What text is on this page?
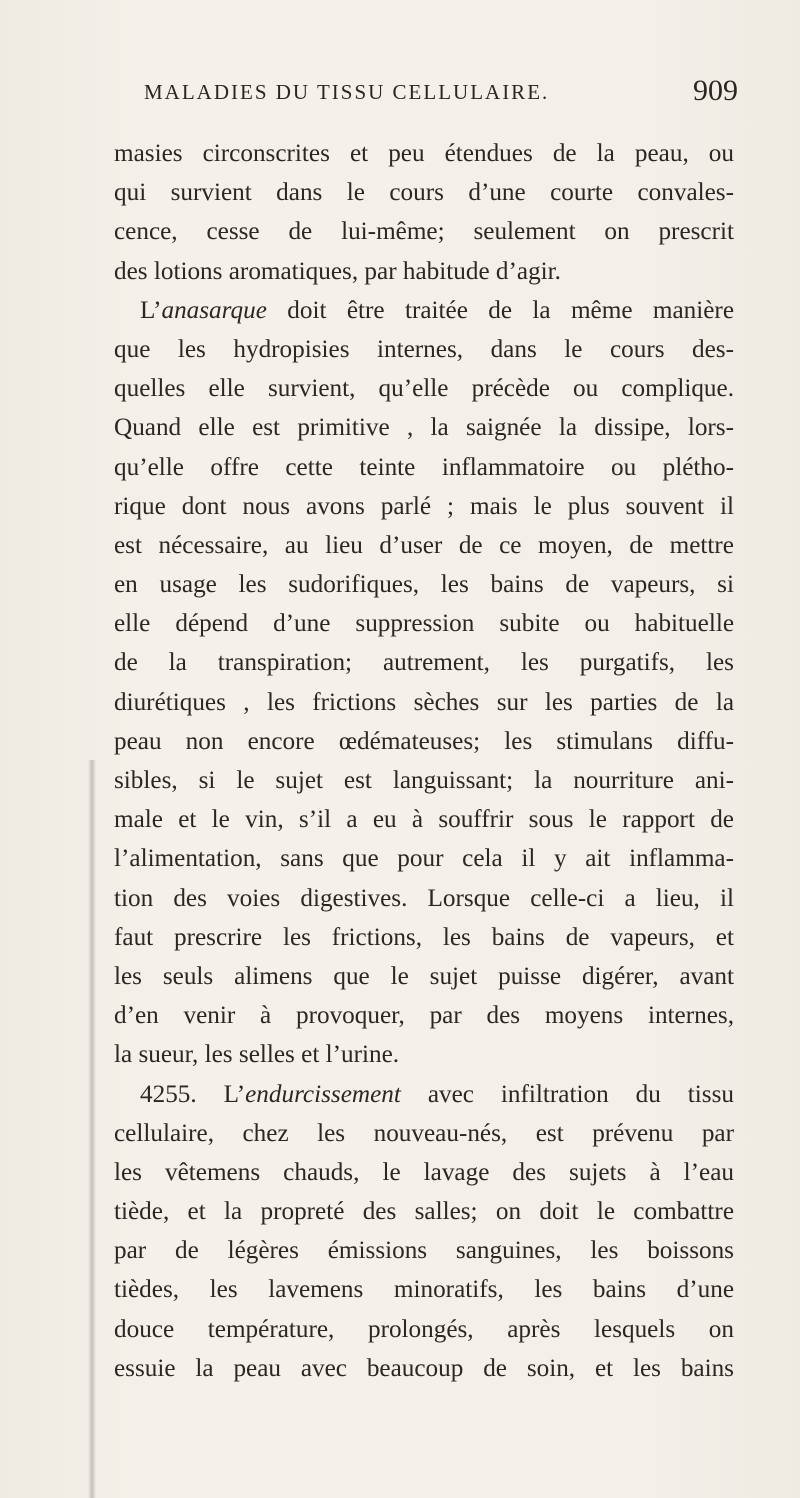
MALADIES DU TISSU CELLULAIRE.	909
masies circonscrites et peu étendues de la peau, ou
qui survient dans le cours d’une courte convales-
cence, cesse de lui-même; seulement on prescrit
des lotions aromatiques, par habitude d’agir.
L’anasarque doit être traitée de la même manière
que les hydropisies internes, dans le cours des-
quelles elle survient, qu’elle précède ou complique.
Quand elle est primitive , la saignée la dissipe, lors-
qu’elle offre cette teinte inflammatoire ou plétho-
rique dont nous avons parlé ; mais le plus souvent il
est nécessaire, au lieu d’user de ce moyen, de mettre
en usage les sudorifiques, les bains de vapeurs, si
elle dépend d’une suppression subite ou habituelle
de la transpiration; autrement, les purgatifs, les
diurétiques , les frictions sèches sur les parties de la
peau non encore œdémateuses; les stimulans diffu-
sibles, si le sujet est languissant; la nourriture ani-
male et le vin, s’il a eu à souffrir sous le rapport de
l’alimentation, sans que pour cela il y ait inflamma-
tion des voies digestives. Lorsque celle-ci a lieu, il
faut prescrire les frictions, les bains de vapeurs, et
les seuls alimens que le sujet puisse digérer, avant
d’en venir à provoquer, par des moyens internes,
la sueur, les selles et l’urine.
4255. L’endurcissement avec infiltration du tissu
cellulaire, chez les nouveau-nés, est prévenu par
les vêtemens chauds, le lavage des sujets à l’eau
tiède, et la propreté des salles; on doit le combattre
par de légères émissions sanguines, les boissons
tièdes, les lavemens minoratifs, les bains d’une
douce température, prolongés, après lesquels on
essuie la peau avec beaucoup de soin, et les bains
